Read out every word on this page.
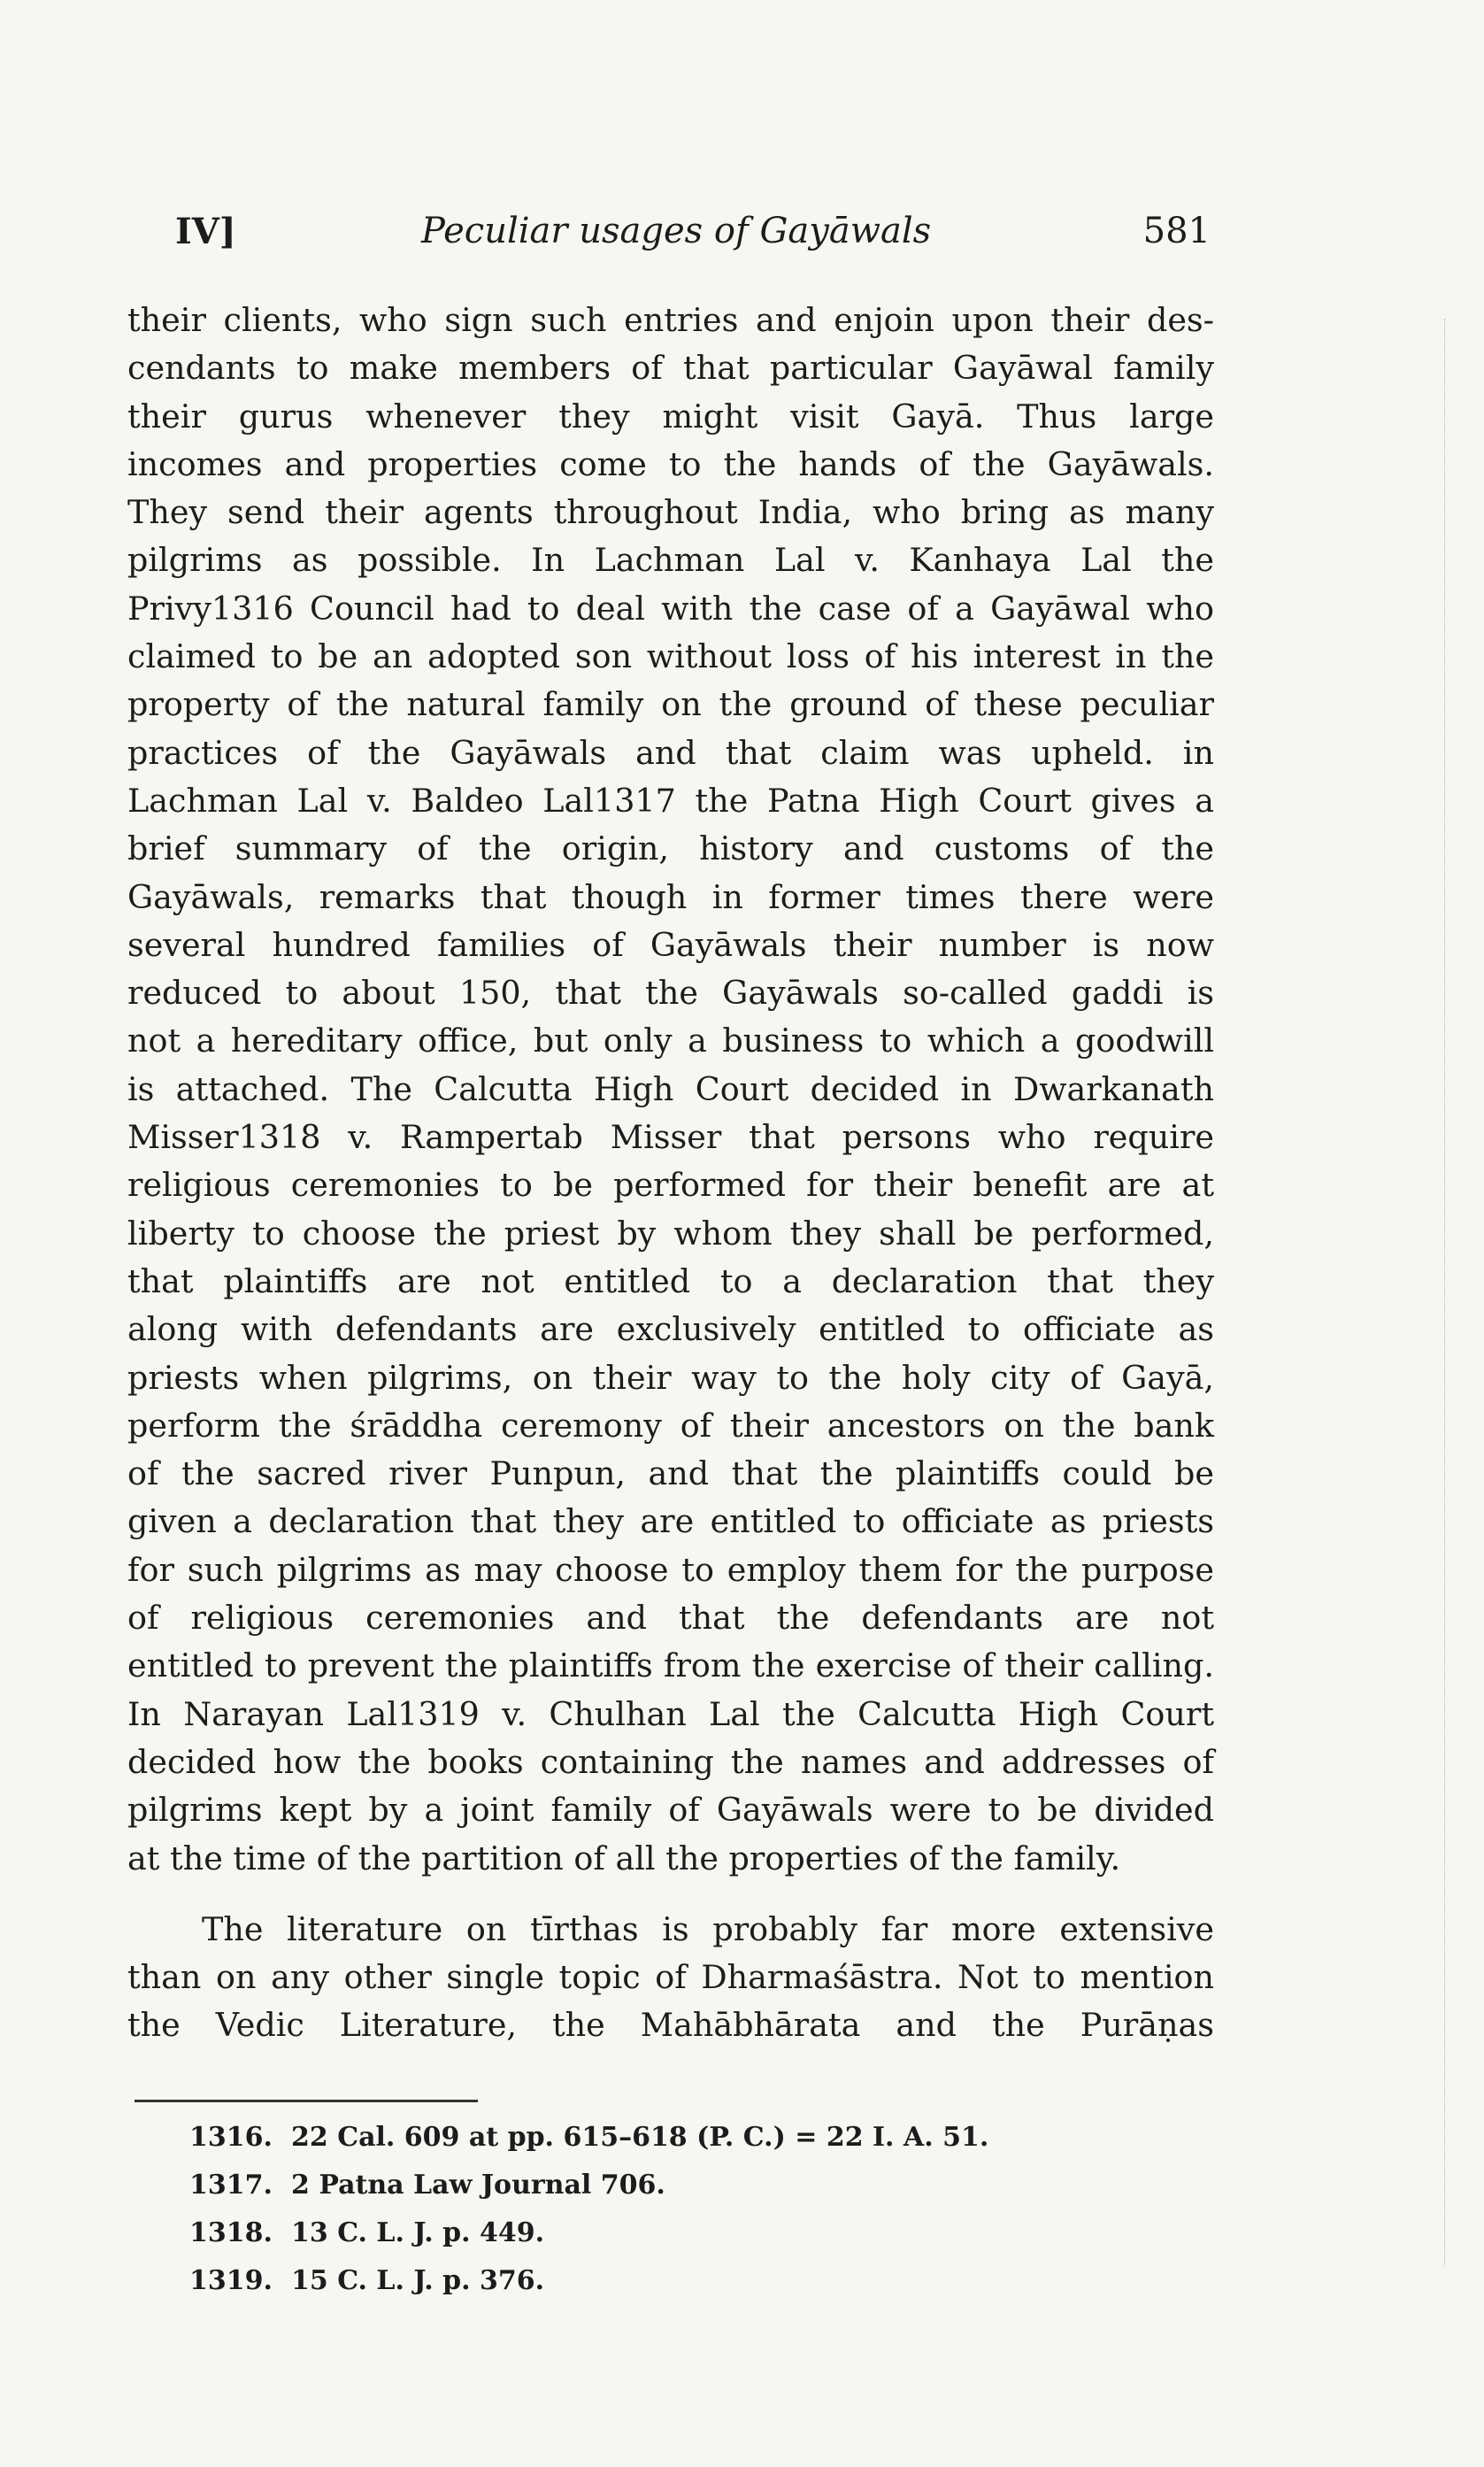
IV]	Peculiar usages of Gayāwals	581
their clients, who sign such entries and enjoin upon their des-
cendants to make members of that particular Gayāwal family
their gurus whenever they might visit Gayā. Thus large
incomes and properties come to the hands of the Gayāwals.
They send their agents throughout India, who bring as many
pilgrims as possible. In Lachman Lal v. Kanhaya Lal the
Privy1316 Council had to deal with the case of a Gayāwal who
claimed to be an adopted son without loss of his interest in the
property of the natural family on the ground of these peculiar
practices of the Gayāwals and that claim was upheld. in
Lachman Lal v. Baldeo Lal1317 the Patna High Court gives a
brief summary of the origin, history and customs of the
Gayāwals, remarks that though in former times there were
several hundred families of Gayāwals their number is now
reduced to about 150, that the Gayāwals so-called gaddi is
not a hereditary office, but only a business to which a goodwill
is attached. The Calcutta High Court decided in Dwarkanath
Misser1318 v. Rampertab Misser that persons who require
religious ceremonies to be performed for their benefit are at
liberty to choose the priest by whom they shall be performed,
that plaintiffs are not entitled to a declaration that they
along with defendants are exclusively entitled to officiate as
priests when pilgrims, on their way to the holy city of Gayā,
perform the śrāddha ceremony of their ancestors on the bank
of the sacred river Punpun, and that the plaintiffs could be
given a declaration that they are entitled to officiate as priests
for such pilgrims as may choose to employ them for the purpose
of religious ceremonies and that the defendants are not
entitled to prevent the plaintiffs from the exercise of their calling.
In Narayan Lal1319 v. Chulhan Lal the Calcutta High Court
decided how the books containing the names and addresses of
pilgrims kept by a joint family of Gayāwals were to be divided
at the time of the partition of all the properties of the family.
The literature on tīrthas is probably far more extensive
than on any other single topic of Dharmaśāstra. Not to mention
the Vedic Literature, the Mahābhārata and the Purāṇas
1316. 22 Cal. 609 at pp. 615–618 (P. C.) = 22 I. A. 51.
1317. 2 Patna Law Journal 706.
1318. 13 C. L. J. p. 449.
1319. 15 C. L. J. p. 376.
